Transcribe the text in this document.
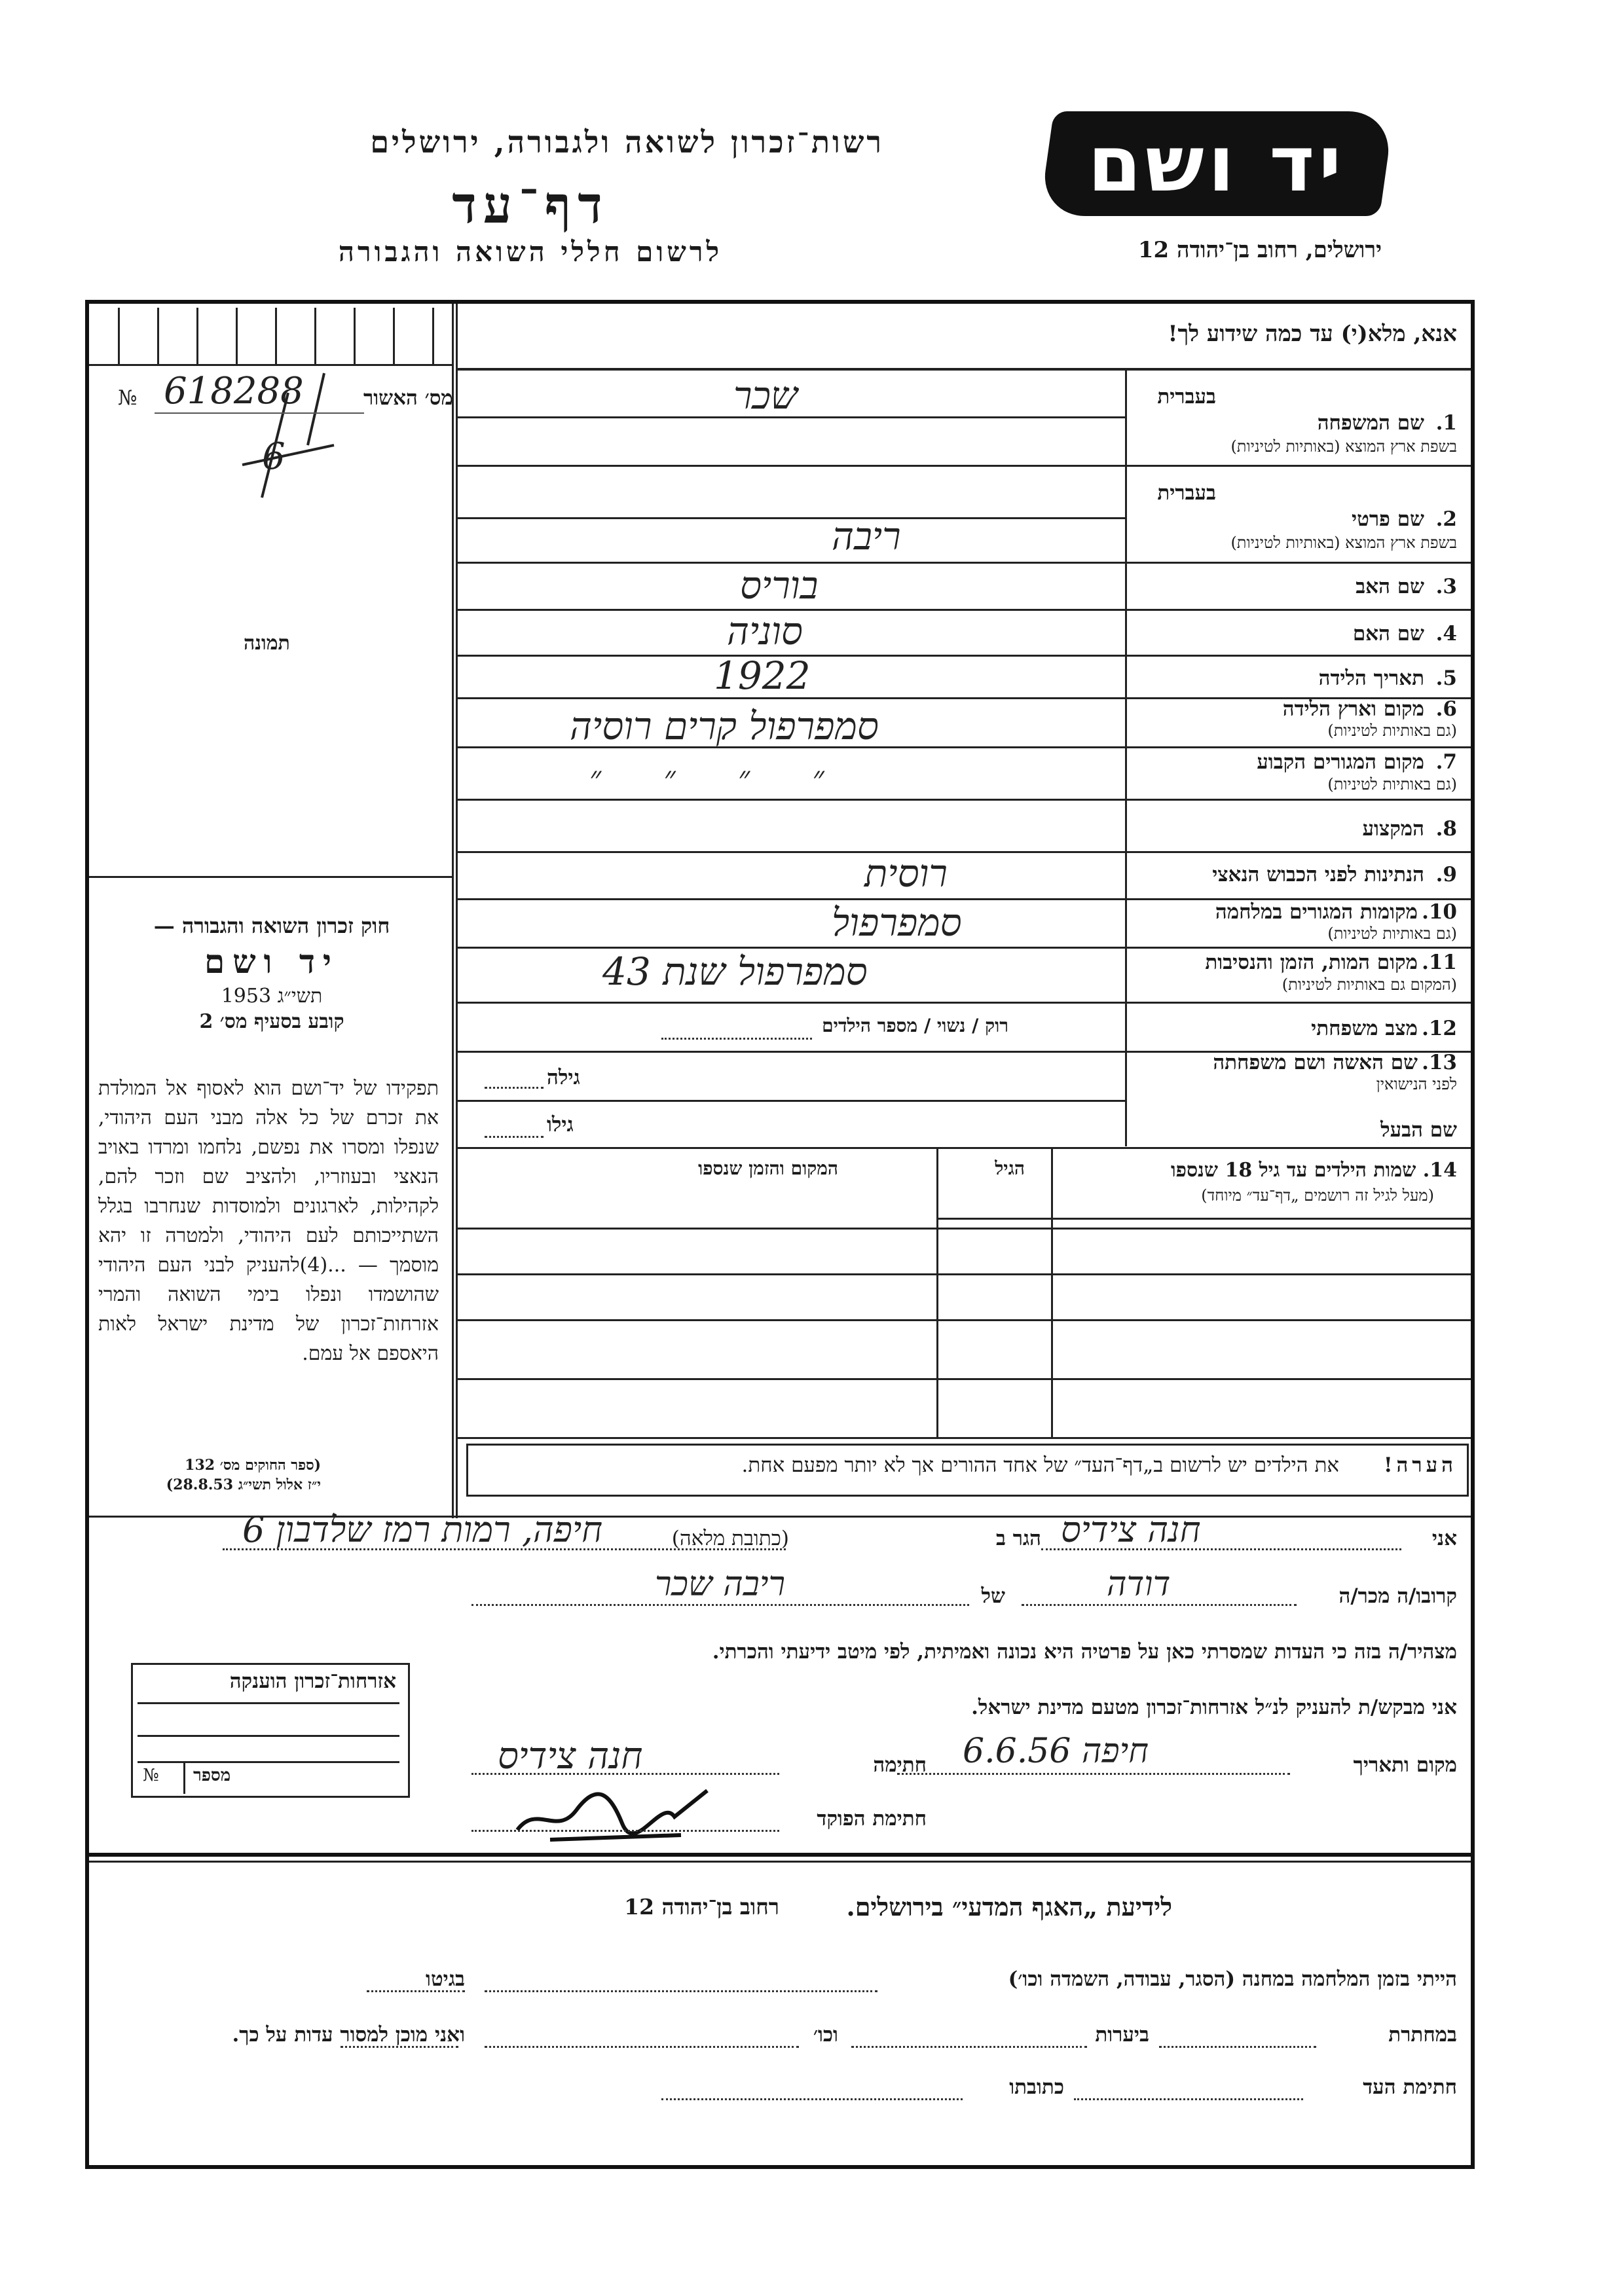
רשות־זכרון לשואה ולגבורה, ירושלים
דף־עד
לרשום חללי השואה והגבורה
יד ושם
ירושלים, רחוב בן־יהודה 12
אנא, מלא(י) עד כמה שידוע לך!
מס׳ האשור
№ 618288
6
תמונה
בעברית
1.
שם המשפחה
בשפת ארץ המוצא (באותיות לטיניות)
שכר
בעברית
2.
שם פרטי
בשפת ארץ המוצא (באותיות לטיניות)
ריבה
3.
שם האב
בוריס
4.
שם האם
סוניה
5.
תאריך הלידה
1922
6.
מקום וארץ הלידה
(גם באותיות לטיניות)
סמפרפול קרים רוסיה
7.
מקום המגורים הקבוע
(גם באותיות לטיניות)
״ ״ ״ ״
8.
המקצוע
9.
הנתינות לפני הכבוש הנאצי
רוסית
10.
מקומות המגורים במלחמה
(גם באותיות לטיניות)
סמפרפול
11.
מקום המות, הזמן והנסיבות
(המקום גם באותיות לטיניות)
סמפרפול שנת 43
12.
מצב משפחתי
רוק / נשוי / מספר הילדים
13.
שם האשה ושם משפחתה
לפני הנישואין
גילה
שם הבעל
גילו
14. שמות הילדים עד גיל 18 שנספו
(מעל לגיל זה רושמים „דף־עד״ מיוחד)
הגיל
המקום והזמן שנספו

חוק זכרון השואה והגבורה —

יד ושם

תשי״ג 1953

קובע בסעיף מס׳ 2

תפקידו של יד־ושם הוא לאסוף אל המולדת את זכרם של כל אלה מבני העם היהודי, שנפלו ומסרו את נפשם, נלחמו ומרדו באויב הנאצי ובעוזריו, ולהציב שם וזכר להם, לקהילות, לארגונים ולמוסדות שנחרבו בגלל השתייכותם לעם היהודי, ולמטרה זו יהא מוסמך — ...(4)להעניק לבני העם היהודי שהושמדו ונפלו בימי השואה והמרי אזרחות־זכרון של מדינת ישראל לאות היאספם אל עמם.
(ספר החוקים מס׳ 132
י״ז אלול תשי״ג 28.8.53)
הערה!
את הילדים יש לרשום ב„דף־העד״ של אחד ההורים אך לא יותר מפעם אחת.
אני
חנה צידיס
הגר ב
(כתובת מלאה)
חיפה, רמות רמז שלדבון 6
קרובו/ה מכר/ה
דודה
של
ריבה שכר
מצהיר/ה בזה כי העדות שמסרתי כאן על פרטיה היא נכונה ואמיתית, לפי מיטב ידיעתי והכרתי.
אני מבקש/ת להעניק לנ״ל אזרחות־זכרון מטעם מדינת ישראל.
מקום ותאריך
חיפה 6.6.56
חתימה
חנה צידיס
חתימת הפוקד
אזרחות־זכרון הוענקה
№ מספר
לידיעת „האגף המדעי״ בירושלים.
רחוב בן־יהודה 12
הייתי בזמן המלחמה במחנה (הסגר, עבודה, השמדה וכו׳)
בגיטו
במחתרת
ביערות
וכו׳
ואני מוכן למסור עדות על כך.
חתימת העד
כתובתו
